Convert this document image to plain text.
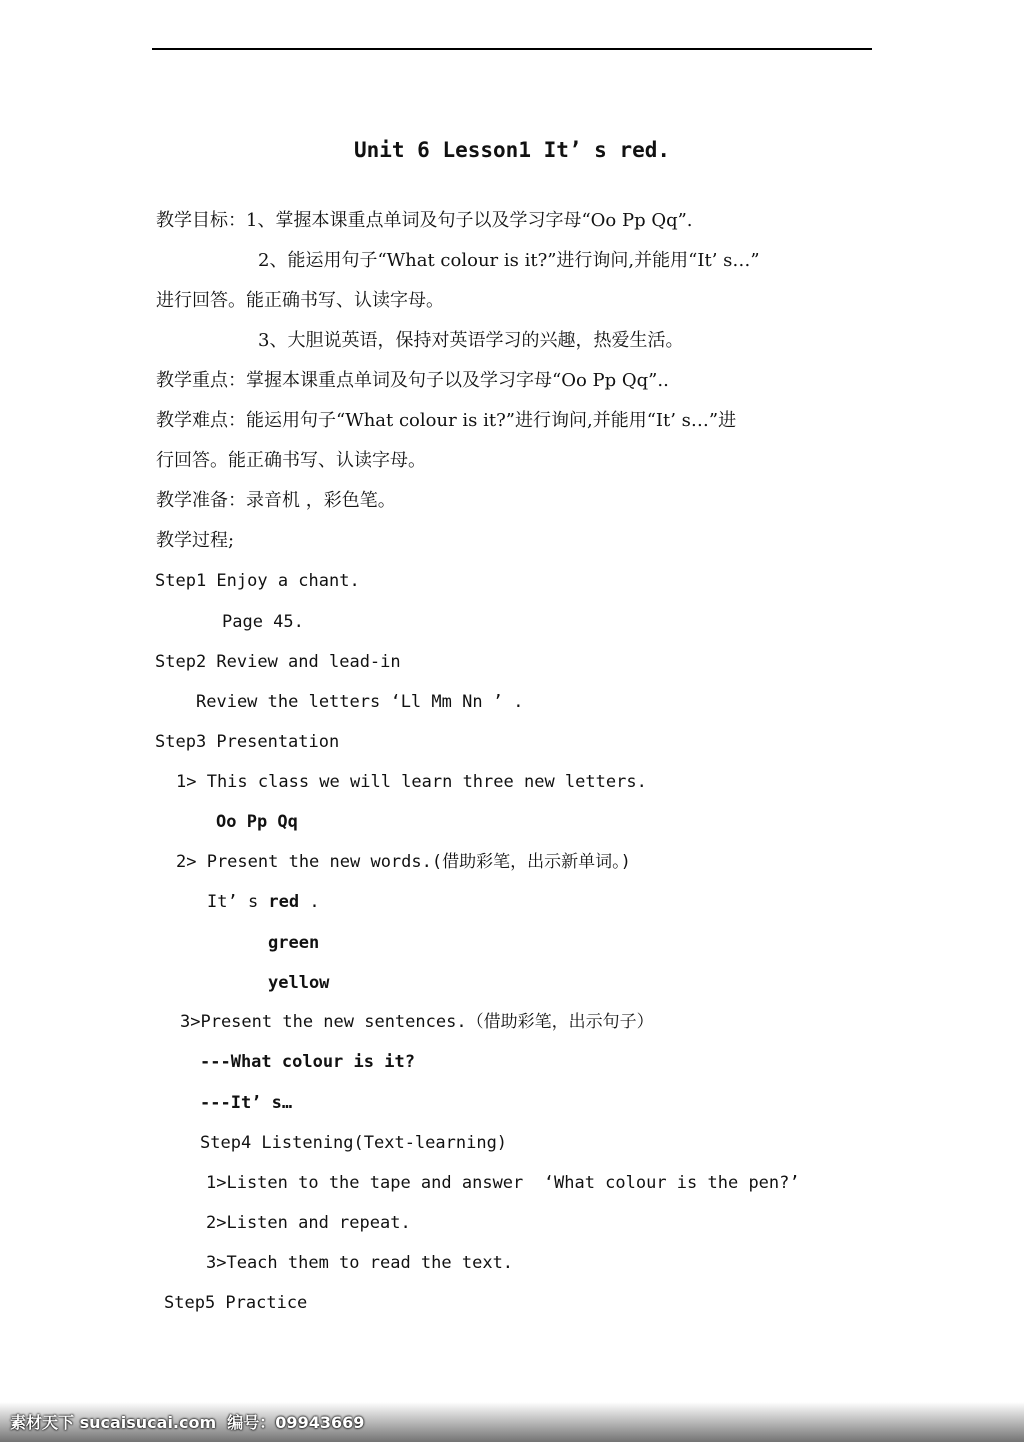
Unit 6 Lesson1 It’ s red.
教学目标：1、掌握本课重点单词及句子以及学习字母“Oo Pp Qq”.
2、能运用句子“What colour is it?”进行询问,并能用“It’ s…”
进行回答。能正确书写、认读字母。
3、大胆说英语，保持对英语学习的兴趣，热爱生活。
教学重点：掌握本课重点单词及句子以及学习字母“Oo Pp Qq”..
教学难点：能运用句子“What colour is it?”进行询问,并能用“It’ s…”进
行回答。能正确书写、认读字母。
教学准备：录音机 ，彩色笔。
教学过程;
Step1 Enjoy a chant.
Page 45.
Step2 Review and lead-in
Review the letters ‘Ll Mm Nn ’ .
Step3 Presentation
1> This class we will learn three new letters.
Oo Pp Qq
2> Present the new words.(借助彩笔，出示新单词。)
It’ s red .
green
yellow
3>Present the new sentences.（借助彩笔，出示句子）
---What colour is it?
---It’ s…
Step4 Listening(Text-learning)
1>Listen to the tape and answer  ‘What colour is the pen?’
2>Listen and repeat.
3>Teach them to read the text.
Step5 Practice
素材天下 sucaisucai.com  编号：09943669
